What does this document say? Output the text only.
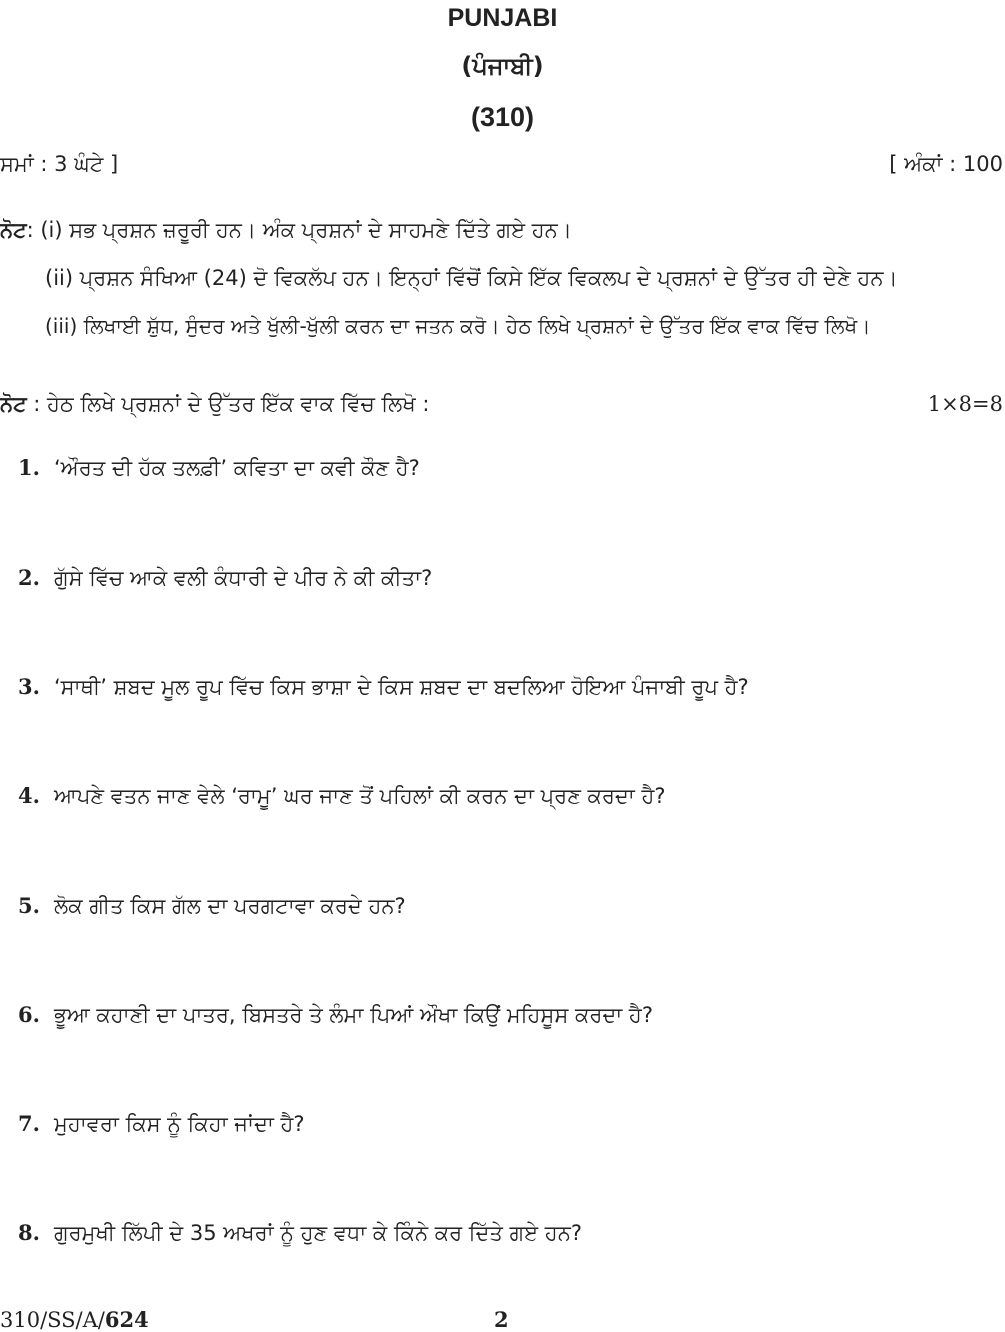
PUNJABI
(ਪੰਜਾਬੀ)
(310)
ਸਮਾਂ : 3 ਘੰਟੇ ]	[ ਅੰਕਾਂ : 100
ਨੋਟ: (i) ਸਭ ਪ੍ਰਸ਼ਨ ਜ਼ਰੂਰੀ ਹਨ। ਅੰਕ ਪ੍ਰਸ਼ਨਾਂ ਦੇ ਸਾਹਮਣੇ ਦਿੱਤੇ ਗਏ ਹਨ।
(ii) ਪ੍ਰਸ਼ਨ ਸੰਖਿਆ (24) ਦੋ ਵਿਕਲੱਪ ਹਨ। ਇਨ੍ਹਾਂ ਵਿੱਚੋਂ ਕਿਸੇ ਇੱਕ ਵਿਕਲਪ ਦੇ ਪ੍ਰਸ਼ਨਾਂ ਦੇ ਉੱਤਰ ਹੀ ਦੇਣੇ ਹਨ।
(iii) ਲਿਖਾਈ ਸ਼ੁੱਧ, ਸੁੰਦਰ ਅਤੇ ਖੁੱਲੀ-ਖੁੱਲੀ ਕਰਨ ਦਾ ਜਤਨ ਕਰੋ। ਹੇਠ ਲਿਖੇ ਪ੍ਰਸ਼ਨਾਂ ਦੇ ਉੱਤਰ ਇੱਕ ਵਾਕ ਵਿੱਚ ਲਿਖੋ।
ਨੋਟ : ਹੇਠ ਲਿਖੇ ਪ੍ਰਸ਼ਨਾਂ ਦੇ ਉੱਤਰ ਇੱਕ ਵਾਕ ਵਿੱਚ ਲਿਖੋ :	1×8=8
1. ‘ਔਰਤ ਦੀ ਹੱਕ ਤਲਫ਼ੀ’ ਕਵਿਤਾ ਦਾ ਕਵੀ ਕੌਣ ਹੈ?
2. ਗੁੱਸੇ ਵਿੱਚ ਆਕੇ ਵਲੀ ਕੰਧਾਰੀ ਦੇ ਪੀਰ ਨੇ ਕੀ ਕੀਤਾ?
3. ‘ਸਾਥੀ’ ਸ਼ਬਦ ਮੂਲ ਰੂਪ ਵਿੱਚ ਕਿਸ ਭਾਸ਼ਾ ਦੇ ਕਿਸ ਸ਼ਬਦ ਦਾ ਬਦਲਿਆ ਹੋਇਆ ਪੰਜਾਬੀ ਰੂਪ ਹੈ?
4. ਆਪਣੇ ਵਤਨ ਜਾਣ ਵੇਲੇ ‘ਰਾਮੂ’ ਘਰ ਜਾਣ ਤੋਂ ਪਹਿਲਾਂ ਕੀ ਕਰਨ ਦਾ ਪ੍ਰਣ ਕਰਦਾ ਹੈ?
5. ਲੋਕ ਗੀਤ ਕਿਸ ਗੱਲ ਦਾ ਪਰਗਟਾਵਾ ਕਰਦੇ ਹਨ?
6. ਭੂਆ ਕਹਾਣੀ ਦਾ ਪਾਤਰ, ਬਿਸਤਰੇ ਤੇ ਲੰਮਾ ਪਿਆਂ ਔਖਾ ਕਿਉਂ ਮਹਿਸੂਸ ਕਰਦਾ ਹੈ?
7. ਮੁਹਾਵਰਾ ਕਿਸ ਨੂੰ ਕਿਹਾ ਜਾਂਦਾ ਹੈ?
8. ਗੁਰਮੁਖੀ ਲਿੱਪੀ ਦੇ 35 ਅਖਰਾਂ ਨੂੰ ਹੁਣ ਵਧਾ ਕੇ ਕਿੰਨੇ ਕਰ ਦਿੱਤੇ ਗਏ ਹਨ?
310/SS/A/624	2
